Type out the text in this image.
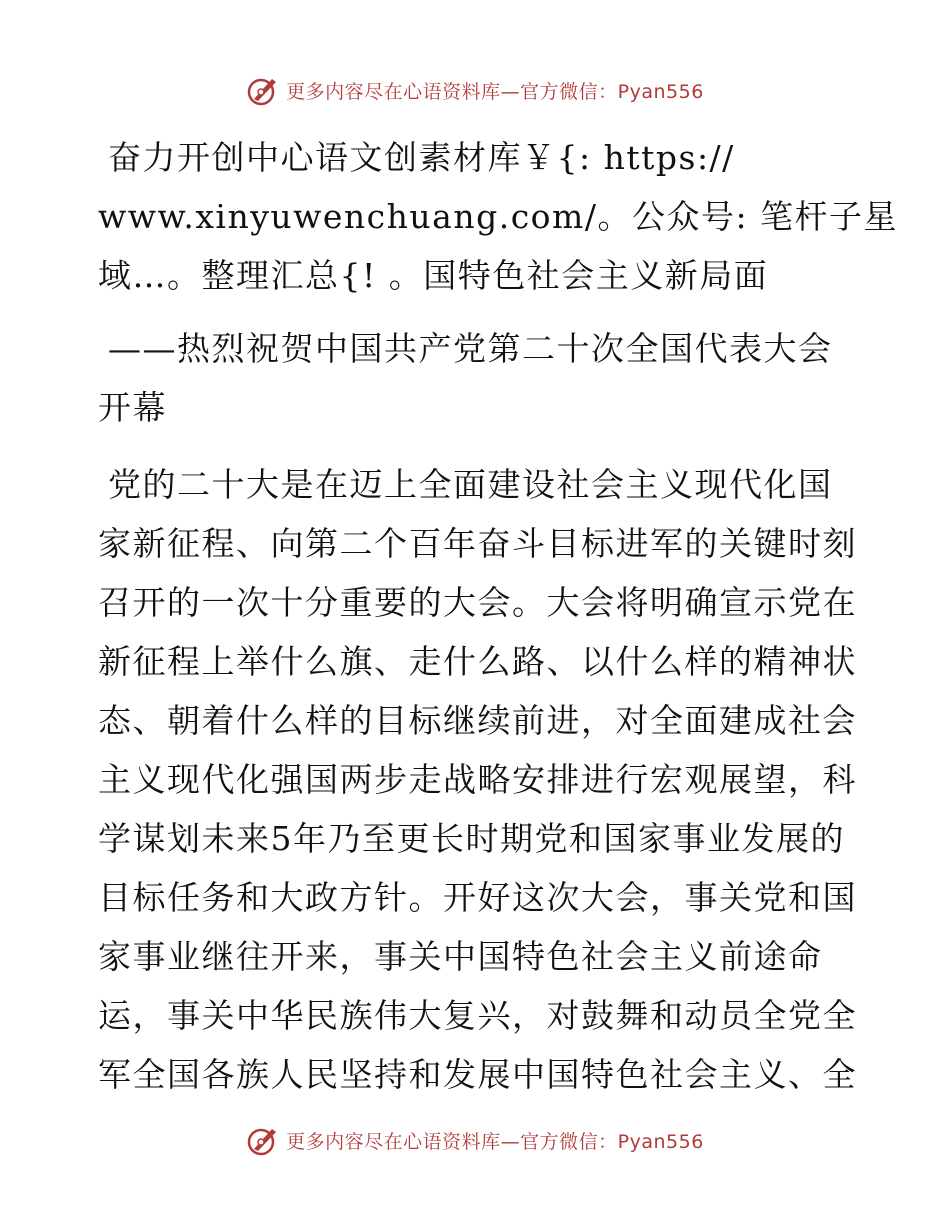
更多内容尽在心语资料库—官方微信：Pyan556
奋力开创中心语文创素材库￥{: https://
www.xinyuwenchuang.com/。公众号: 笔杆子星
域…。整理汇总{! 。国特色社会主义新局面
——热烈祝贺中国共产党第二十次全国代表大会
开幕
党的二十大是在迈上全面建设社会主义现代化国
家新征程、向第二个百年奋斗目标进军的关键时刻
召开的一次十分重要的大会。大会将明确宣示党在
新征程上举什么旗、走什么路、以什么样的精神状
态、朝着什么样的目标继续前进，对全面建成社会
主义现代化强国两步走战略安排进行宏观展望，科
学谋划未来5年乃至更长时期党和国家事业发展的
目标任务和大政方针。开好这次大会，事关党和国
家事业继往开来，事关中国特色社会主义前途命
运，事关中华民族伟大复兴，对鼓舞和动员全党全
军全国各族人民坚持和发展中国特色社会主义、全
更多内容尽在心语资料库—官方微信：Pyan556
